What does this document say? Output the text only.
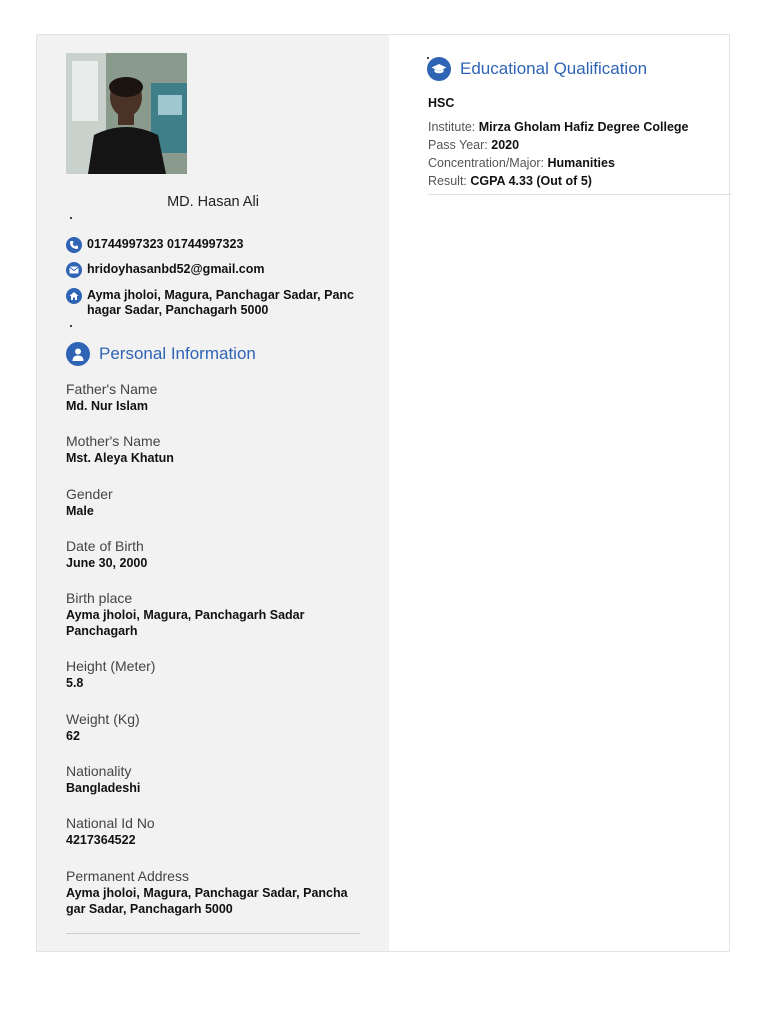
MD. Hasan Ali
01744997323 01744997323
hridoyhasanbd52@gmail.com
Ayma jholoi, Magura, Panchagar Sadar, Panc hagar Sadar, Panchagarh 5000
Personal Information
Father's Name
Md. Nur Islam
Mother's Name
Mst. Aleya Khatun
Gender
Male
Date of Birth
June 30, 2000
Birth place
Ayma jholoi, Magura, Panchagarh Sadar Panchagarh
Height (Meter)
5.8
Weight (Kg)
62
Nationality
Bangladeshi
National Id No
4217364522
Permanent Address
Ayma jholoi, Magura, Panchagar Sadar, Pancha gar Sadar, Panchagarh 5000
Educational Qualification
HSC
Institute: Mirza Gholam Hafiz Degree College
Pass Year: 2020
Concentration/Major: Humanities
Result: CGPA 4.33 (Out of 5)
